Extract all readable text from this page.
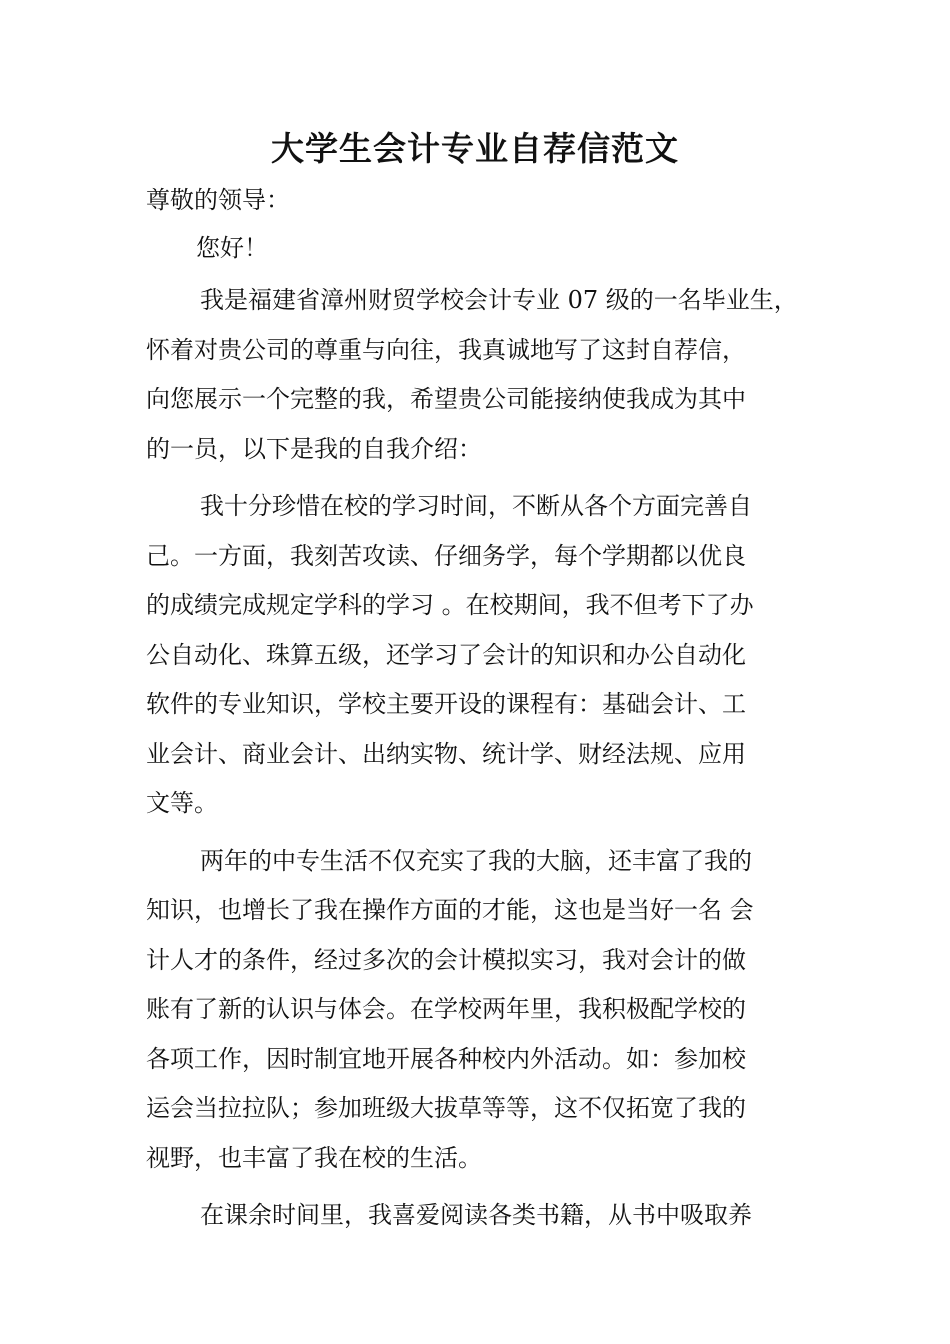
大学生会计专业自荐信范文

尊敬的领导：

您好！

我是福建省漳州财贸学校会计专业 07 级的一名毕业生，
怀着对贵公司的尊重与向往，我真诚地写了这封自荐信，
向您展示一个完整的我，希望贵公司能接纳使我成为其中
的一员，以下是我的自我介绍：

我十分珍惜在校的学习时间，不断从各个方面完善自
己。一方面，我刻苦攻读、仔细务学，每个学期都以优良
的成绩完成规定学科的学习 。在校期间，我不但考下了办
公自动化、珠算五级，还学习了会计的知识和办公自动化
软件的专业知识，学校主要开设的课程有：基础会计、工
业会计、商业会计、出纳实物、统计学、财经法规、应用
文等。

两年的中专生活不仅充实了我的大脑，还丰富了我的
知识，也增长了我在操作方面的才能，这也是当好一名 会
计人才的条件，经过多次的会计模拟实习，我对会计的做
账有了新的认识与体会。在学校两年里，我积极配学校的
各项工作，因时制宜地开展各种校内外活动。如：参加校
运会当拉拉队；参加班级大拔草等等，这不仅拓宽了我的
视野，也丰富了我在校的生活。

在课余时间里，我喜爱阅读各类书籍，从书中吸取养
